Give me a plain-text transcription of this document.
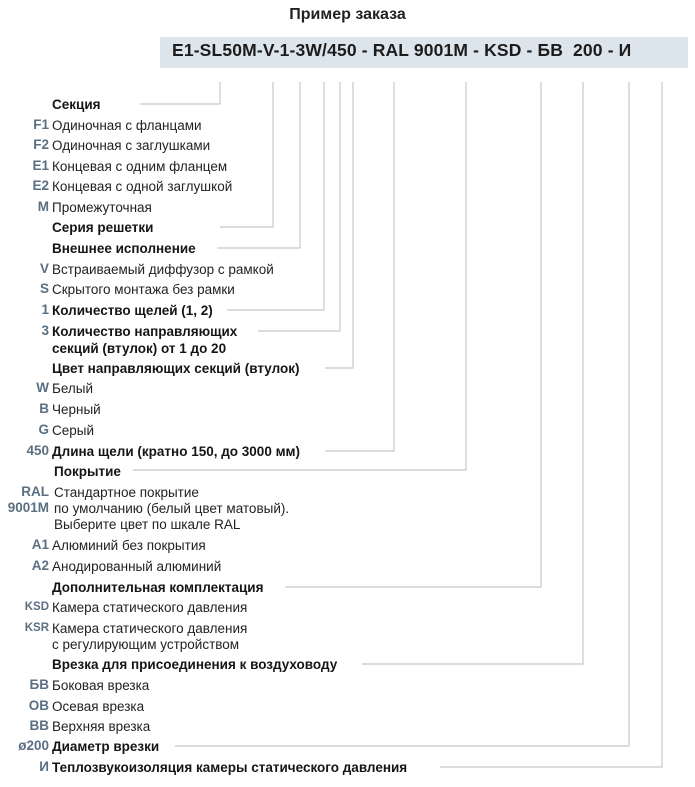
Пример заказа
E1-SL50M-V-1-3W/450 - RAL 9001M - KSD - БВ  200 - И
Секция
F1 Одиночная с фланцами
F2 Одиночная с заглушками
E1 Концевая с одним фланцем
E2 Концевая с одной заглушкой
M Промежуточная
Серия решетки
Внешнее исполнение
V Встраиваемый диффузор с рамкой
S Скрытого монтажа без рамки
1 Количество щелей (1, 2)
3 Количество направляющих
секций (втулок) от 1 до 20
Цвет направляющих секций (втулок)
W Белый
B Черный
G Серый
450 Длина щели (кратно 150, до 3000 мм)
Покрытие
RAL Стандартное покрытие
9001M по умолчанию (белый цвет матовый).
Выберите цвет по шкале RAL
A1 Алюминий без покрытия
A2 Анодированный алюминий
Дополнительная комплектация
KSD Камера статического давления
KSR Камера статического давления
с регулирующим устройством
Врезка для присоединения к воздуховоду
БВ Боковая врезка
ОВ Осевая врезка
ВВ Верхняя врезка
ø200 Диаметр врезки
И Теплозвукоизоляция камеры статического давления
